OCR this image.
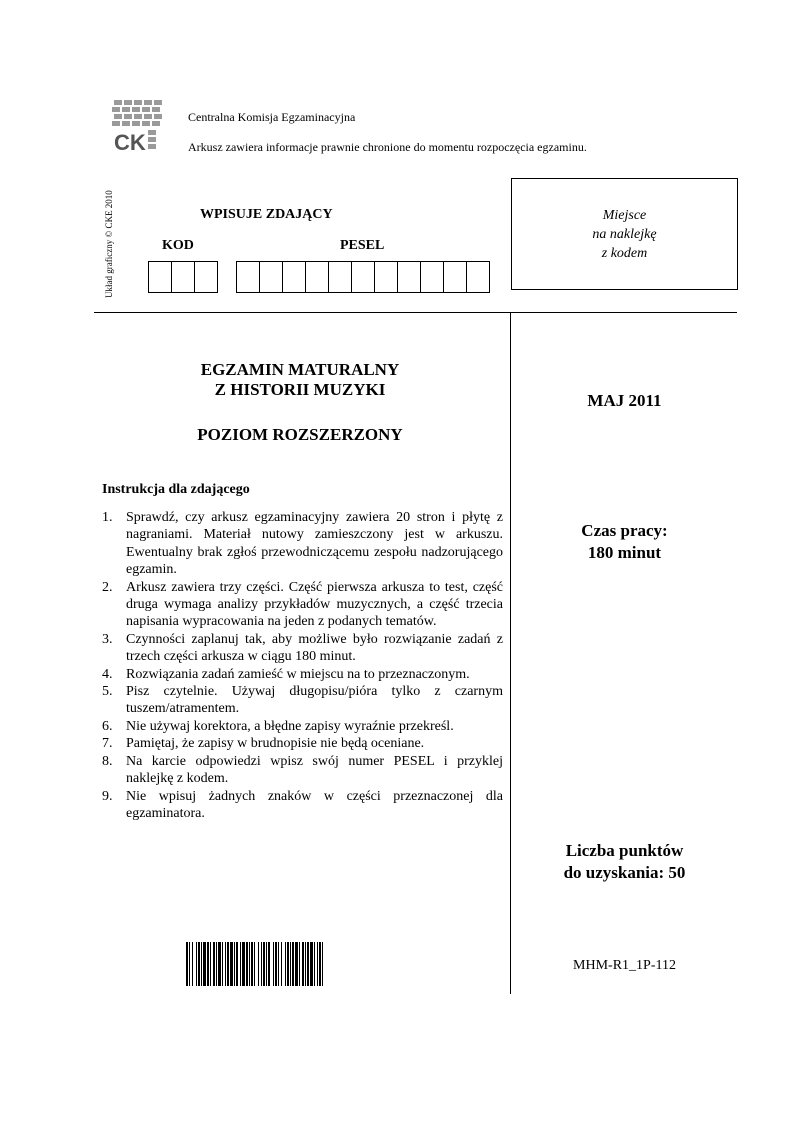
CK
Centralna Komisja Egzaminacyjna
Arkusz zawiera informacje prawnie chronione do momentu rozpoczęcia egzaminu.
Układ graficzny © CKE 2010	WPISUJE ZDAJĄCY
KOD	PESEL
Miejsce
na naklejkę
z kodem
EGZAMIN MATURALNY
Z HISTORII MUZYKI
POZIOM ROZSZERZONY
MAJ 2011
Czas pracy:
180 minut
Liczba punktów
do uzyskania: 50
MHM-R1_1P-112
Instrukcja dla zdającego
1. Sprawdź, czy arkusz egzaminacyjny zawiera 20 stron i płytę z nagraniami. Materiał nutowy zamieszczony jest w arkuszu. Ewentualny brak zgłoś przewodniczącemu zespołu nadzorującego egzamin.
2. Arkusz zawiera trzy części. Część pierwsza arkusza to test, część druga wymaga analizy przykładów muzycznych, a część trzecia napisania wypracowania na jeden z podanych tematów.
3. Czynności zaplanuj tak, aby możliwe było rozwiązanie zadań z trzech części arkusza w ciągu 180 minut.
4. Rozwiązania zadań zamieść w miejscu na to przeznaczonym.
5. Pisz czytelnie. Używaj długopisu/pióra tylko z czarnym tuszem/atramentem.
6. Nie używaj korektora, a błędne zapisy wyraźnie przekreśl.
7. Pamiętaj, że zapisy w brudnopisie nie będą oceniane.
8. Na karcie odpowiedzi wpisz swój numer PESEL i przyklej naklejkę z kodem.
9. Nie wpisuj żadnych znaków w części przeznaczonej dla egzaminatora.
